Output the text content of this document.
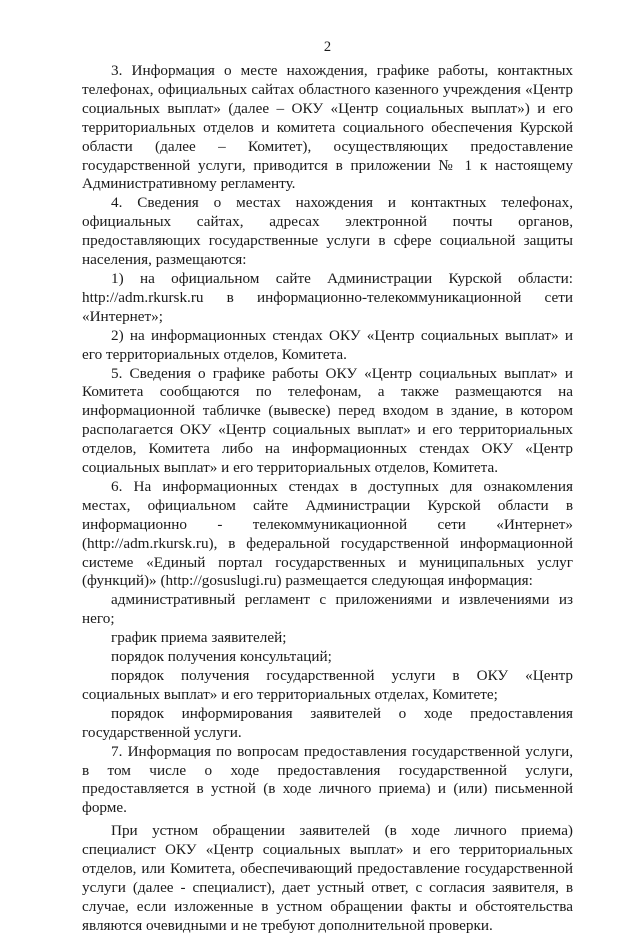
2

3. Информация о месте нахождения, графике работы, контактных телефонах, официальных сайтах областного казенного учреждения «Центр социальных выплат» (далее – ОКУ «Центр социальных выплат») и его территориальных отделов и комитета социального обеспечения Курской области (далее – Комитет), осуществляющих предоставление государственной услуги, приводится в приложении № 1 к настоящему Административному регламенту.

4. Сведения о местах нахождения и контактных телефонах, официальных сайтах, адресах электронной почты органов, предоставляющих государственные услуги в сфере социальной защиты населения, размещаются:

1) на официальном сайте Администрации Курской области: http://adm.rkursk.ru в информационно-телекоммуникационной сети «Интернет»;

2) на информационных стендах ОКУ «Центр социальных выплат» и его территориальных отделов, Комитета.

5. Сведения о графике работы ОКУ «Центр социальных выплат» и Комитета сообщаются по телефонам, а также размещаются на информационной табличке (вывеске) перед входом в здание, в котором располагается ОКУ «Центр социальных выплат» и его территориальных отделов, Комитета либо на информационных стендах ОКУ «Центр социальных выплат» и его территориальных отделов, Комитета.

6. На информационных стендах в доступных для ознакомления местах, официальном сайте Администрации Курской области в информационно - телекоммуникационной сети «Интернет» (http://adm.rkursk.ru), в федеральной государственной информационной системе «Единый портал государственных и муниципальных услуг (функций)» (http://gosuslugi.ru) размещается следующая информация:

административный регламент с приложениями и извлечениями из него;

график приема заявителей;

порядок получения консультаций;

порядок получения государственной услуги в ОКУ «Центр социальных выплат» и его территориальных отделах, Комитете;

порядок информирования заявителей о ходе предоставления государственной услуги.

7. Информация по вопросам предоставления государственной услуги, в том числе о ходе предоставления государственной услуги, предоставляется в устной (в ходе личного приема) и (или) письменной форме.

При устном обращении заявителей (в ходе личного приема) специалист ОКУ «Центр социальных выплат» и его территориальных отделов, или Комитета, обеспечивающий предоставление государственной услуги (далее - специалист), дает устный ответ, с согласия заявителя, в случае, если изложенные в устном обращении факты и обстоятельства являются очевидными и не требуют дополнительной проверки.
